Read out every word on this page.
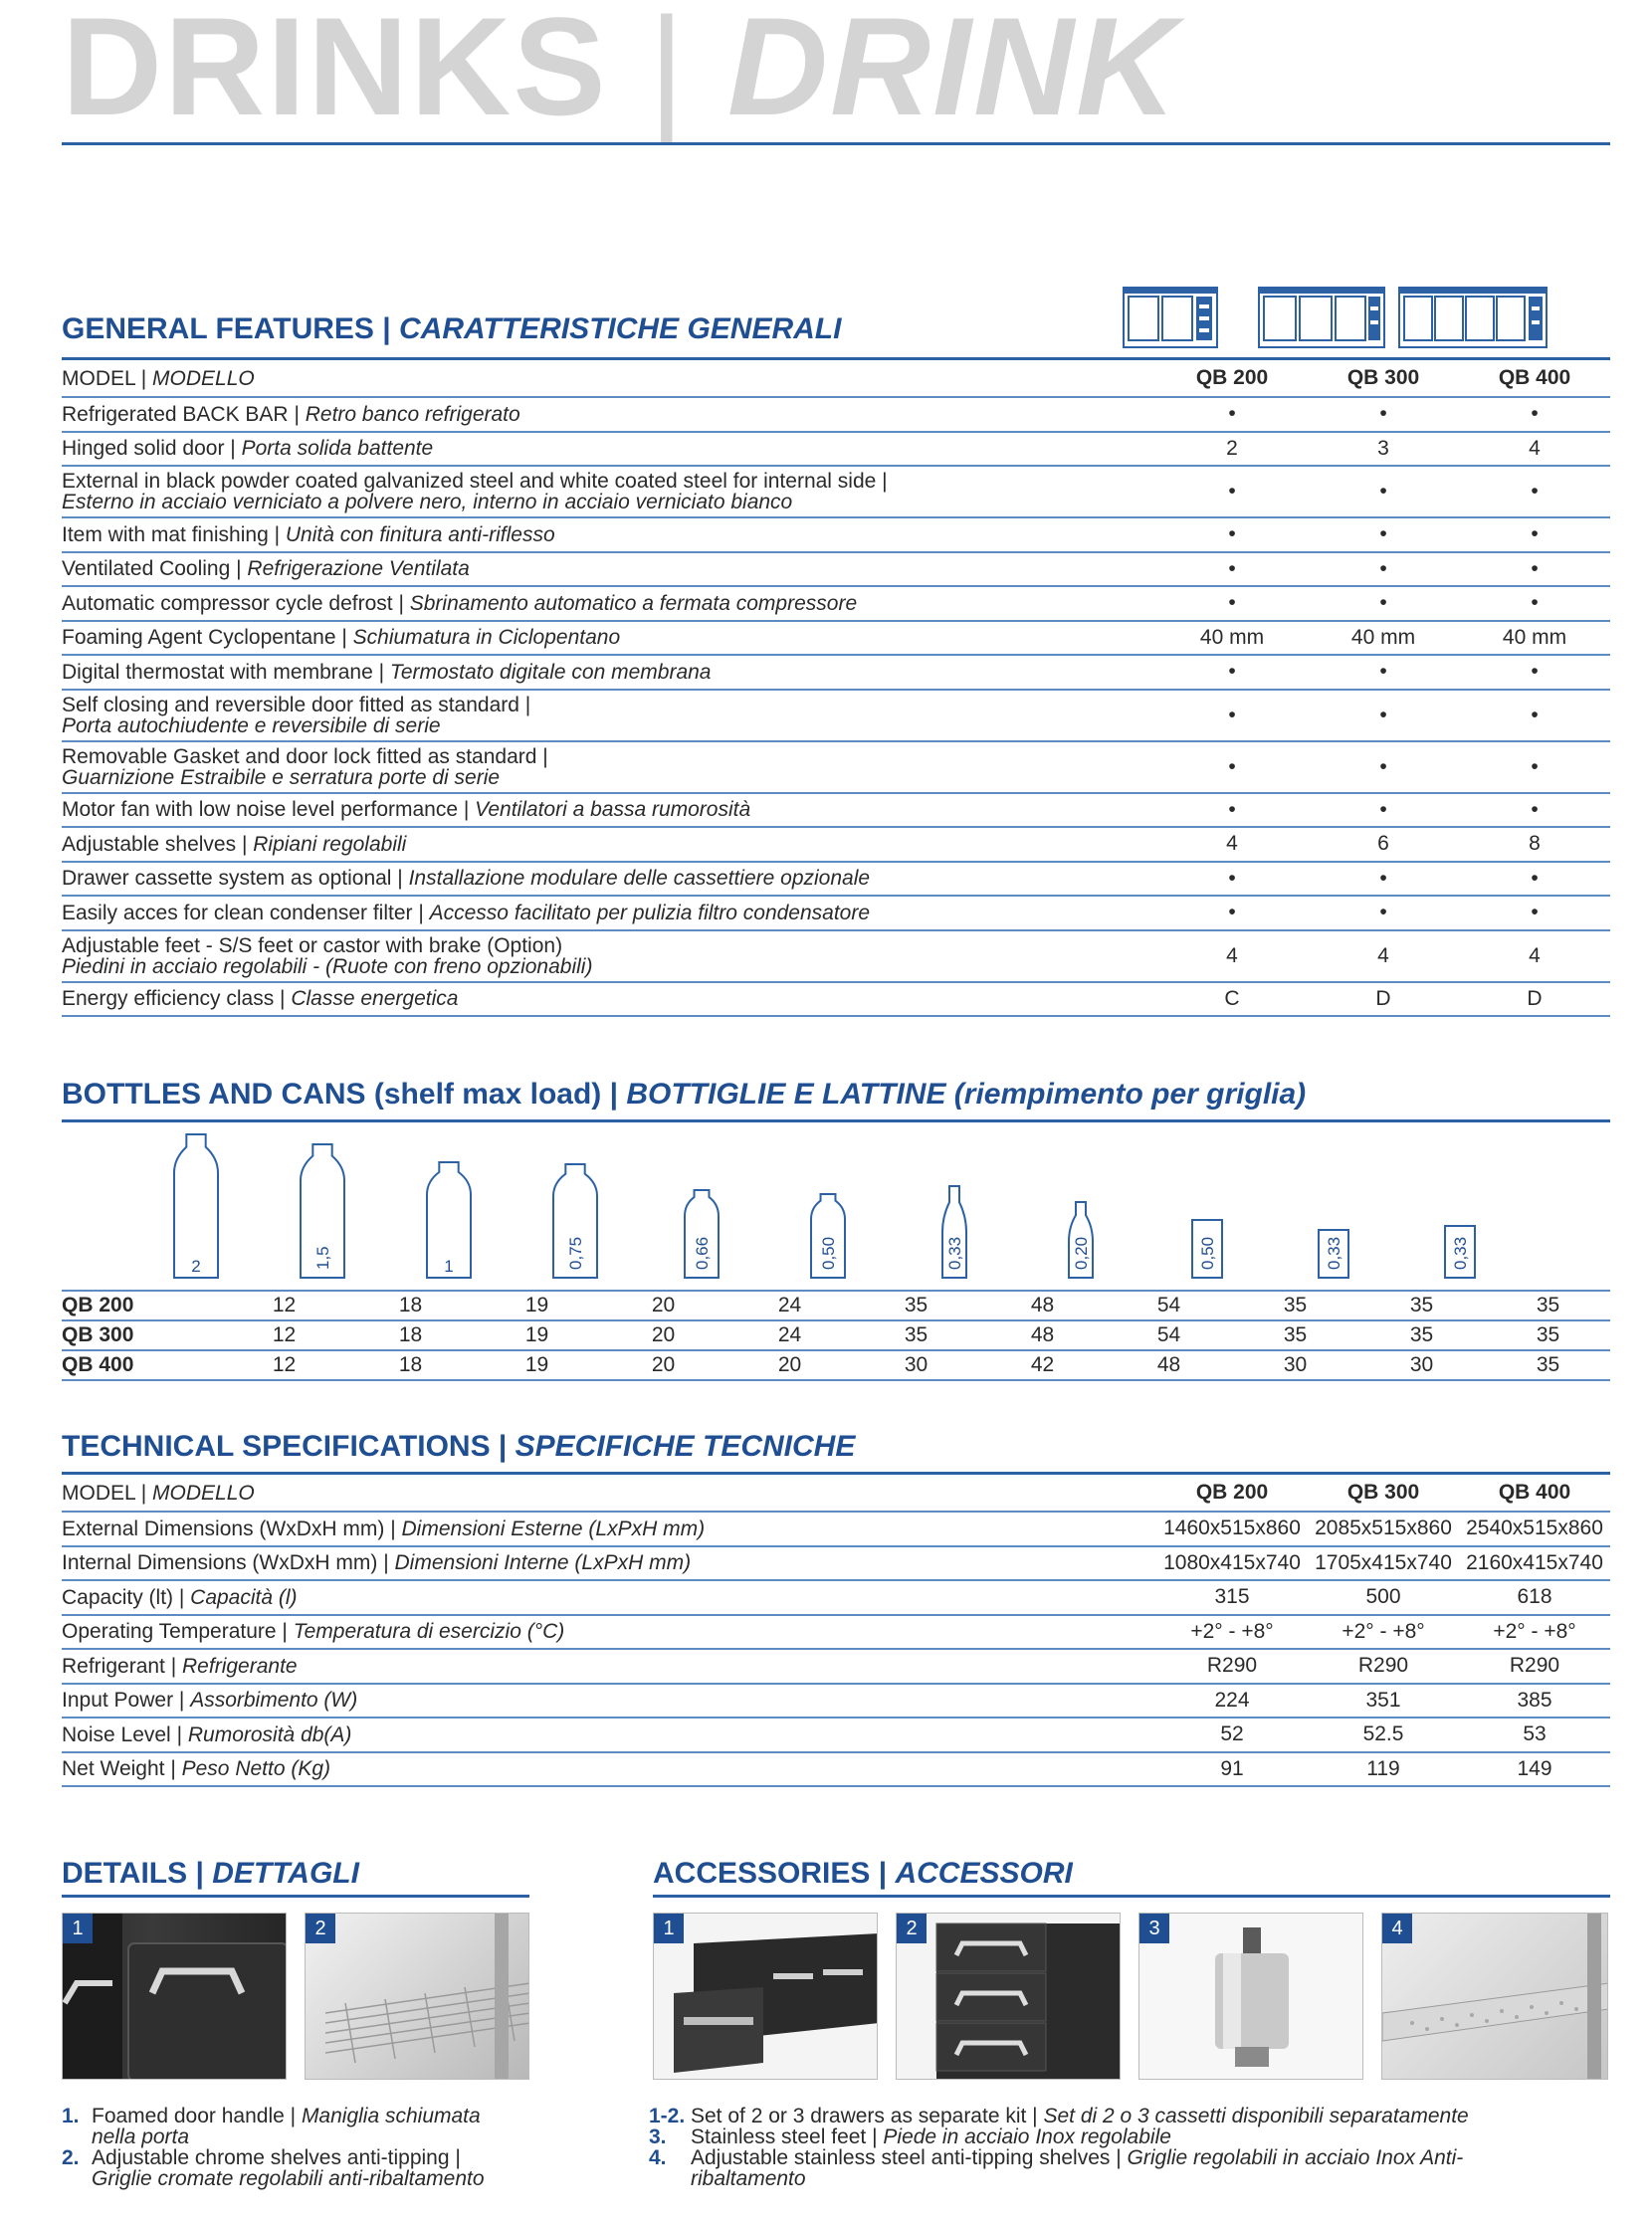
DRINKS | DRINK
GENERAL FEATURES | CARATTERISTICHE GENERALI
MODEL | MODELLO	QB 200	QB 300	QB 400
Refrigerated BACK BAR | Retro banco refrigerato	•	•	•
Hinged solid door | Porta solida battente	2	3	4
External in black powder coated galvanized steel and white coated steel for internal side |
Esterno in acciaio verniciato a polvere nero, interno in acciaio verniciato bianco	•	•	•
Item with mat finishing | Unità con finitura anti-riflesso	•	•	•
Ventilated Cooling | Refrigerazione Ventilata	•	•	•
Automatic compressor cycle defrost | Sbrinamento automatico a fermata compressore	•	•	•
Foaming Agent Cyclopentane | Schiumatura in Ciclopentano	40 mm	40 mm	40 mm
Digital thermostat with membrane | Termostato digitale con membrana	•	•	•
Self closing and reversible door fitted as standard |
Porta autochiudente e reversibile di serie	•	•	•
Removable Gasket and door lock fitted as standard |
Guarnizione Estraibile e serratura porte di serie	•	•	•
Motor fan with low noise level performance | Ventilatori a bassa rumorosità	•	•	•
Adjustable shelves | Ripiani regolabili	4	6	8
Drawer cassette system as optional | Installazione modulare delle cassettiere opzionale	•	•	•
Easily acces for clean condenser filter | Accesso facilitato per pulizia filtro condensatore	•	•	•
Adjustable feet - S/S feet or castor with brake (Option)
Piedini in acciaio regolabili - (Ruote con freno opzionabili)	4	4	4
Energy efficiency class | Classe energetica	C	D	D
BOTTLES AND CANS (shelf max load) | BOTTIGLIE E LATTINE (riempimento per griglia)
2	1,5	1	0,75	0,66	0,50	0,33	0,20	0,50	0,33	0,33
QB 200	12	18	19	20	24	35	48	54	35	35	35
QB 300	12	18	19	20	24	35	48	54	35	35	35
QB 400	12	18	19	20	20	30	42	48	30	30	35
TECHNICAL SPECIFICATIONS | SPECIFICHE TECNICHE
MODEL | MODELLO	QB 200	QB 300	QB 400
External Dimensions (WxDxH mm) | Dimensioni Esterne (LxPxH mm)	1460x515x860 2085x515x860 2540x515x860
Internal Dimensions (WxDxH mm) | Dimensioni Interne (LxPxH mm)	1080x415x740 1705x415x740 2160x415x740
Capacity (lt) | Capacità (l)	315	500	618
Operating Temperature | Temperatura di esercizio (°C)	+2° - +8°	+2° - +8°	+2° - +8°
Refrigerant | Refrigerante	R290	R290	R290
Input Power | Assorbimento (W)	224	351	385
Noise Level | Rumorosità db(A)	52	52.5	53
Net Weight | Peso Netto (Kg)	91	119	149
DETAILS | DETTAGLI
1	2
1. Foamed door handle | Maniglia schiumata
nella porta
2. Adjustable chrome shelves anti-tipping |
Griglie cromate regolabili anti-ribaltamento
ACCESSORIES | ACCESSORI
1	2	3	4
1-2. Set of 2 or 3 drawers as separate kit | Set di 2 o 3 cassetti disponibili separatamente
3. Stainless steel feet | Piede in acciaio Inox regolabile
4. Adjustable stainless steel anti-tipping shelves | Griglie regolabili in acciaio Inox Anti-
ribaltamento
